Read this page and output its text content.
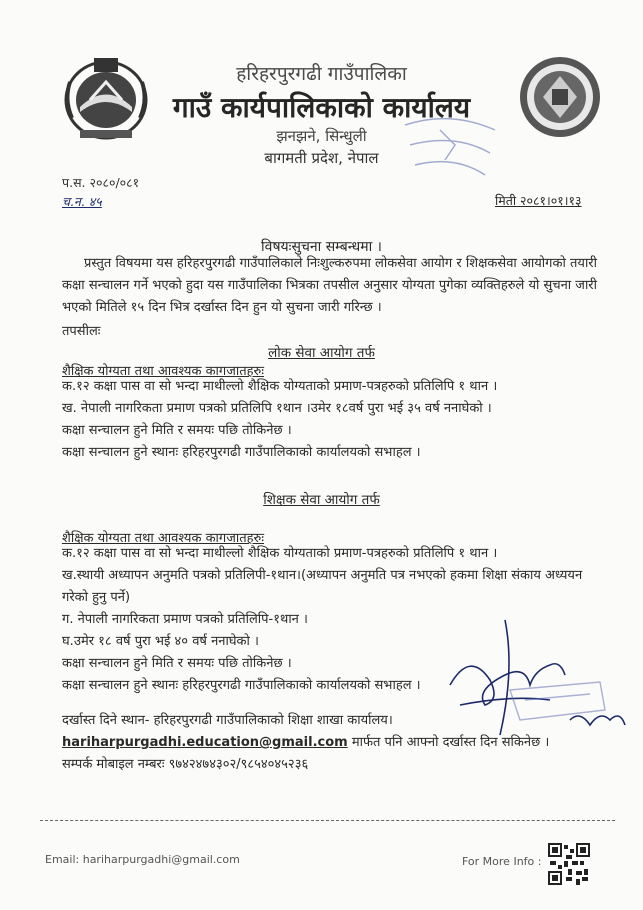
हरिहरपुरगढी गाउँपालिका
गाउँ कार्यपालिकाको कार्यालय
झनझने, सिन्धुली
बागमती प्रदेश, नेपाल
प.स. २०८०/०८१
च.न. ४५	मिती २०८१।०१।१३
विषयःसुचना सम्बन्धमा ।
प्रस्तुत विषयमा यस हरिहरपुरगढी गाउँपालिकाले निःशुल्करुपमा लोकसेवा आयोग र शिक्षकसेवा आयोगको तयारी कक्षा सन्चालन गर्ने भएको हुदा यस गाउँपालिका भित्रका तपसील अनुसार योग्यता पुगेका व्यक्तिहरुले यो सुचना जारी भएको मितिले १५ दिन भित्र दर्खास्त दिन हुन यो सुचना जारी गरिन्छ ।
तपसीलः
लोक सेवा आयोग तर्फ
शैक्षिक योग्यता तथा आवश्यक कागजातहरुः
क.१२ कक्षा पास वा सो भन्दा माथील्लो शैक्षिक योग्यताको प्रमाण-पत्रहरुको प्रतिलिपि १ थान ।
ख. नेपाली नागरिकता प्रमाण पत्रको प्रतिलिपि १थान ।उमेर १८वर्ष पुरा भई ३५ वर्ष ननाघेको ।
कक्षा सन्चालन हुने मिति र समयः पछि तोकिनेछ ।
कक्षा सन्चालन हुने स्थानः हरिहरपुरगढी गाउँपालिकाको कार्यालयको सभाहल ।
शिक्षक सेवा आयोग तर्फ
शैक्षिक योग्यता तथा आवश्यक कागजातहरुः
क.१२ कक्षा पास वा सो भन्दा माथील्लो शैक्षिक योग्यताको प्रमाण-पत्रहरुको प्रतिलिपि १ थान ।
ख.स्थायी अध्यापन अनुमति पत्रको प्रतिलिपी-१थान।(अध्यापन अनुमति पत्र नभएको हकमा शिक्षा संकाय अध्ययन गरेको हुनु पर्ने)
ग. नेपाली नागरिकता प्रमाण पत्रको प्रतिलिपि-१थान ।
घ.उमेर १८ वर्ष पुरा भई ४० वर्ष ननाघेको ।
कक्षा सन्चालन हुने मिति र समयः पछि तोकिनेछ ।
कक्षा सन्चालन हुने स्थानः हरिहरपुरगढी गाउँपालिकाको कार्यालयको सभाहल ।
दर्खास्त दिने स्थान- हरिहरपुरगढी गाउँपालिकाको शिक्षा शाखा कार्यालय।
hariharpurgadhi.education@gmail.com मार्फत पनि आफ्नो दर्खास्त दिन सकिनेछ ।
सम्पर्क मोबाइल नम्बरः ९७४२४७४३०२/९८५४०४५२३६
Email: hariharpurgadhi@gmail.com	For More Info :
